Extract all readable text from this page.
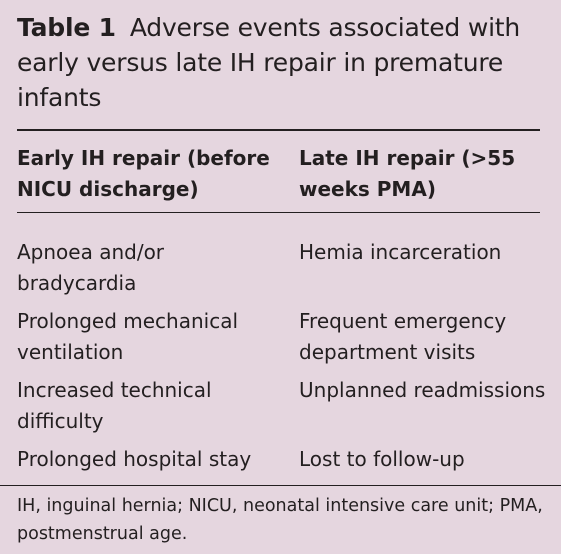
Table 1 Adverse events associated with early versus late IH repair in premature infants

Early IH repair (before NICU discharge)

Late IH repair (>55 weeks PMA)

Apnoea and/or bradycardia

Hemia incarceration

Prolonged mechanical ventilation

Frequent emergency department visits

Increased technical difficulty

Unplanned readmissions

Prolonged hospital stay	Lost to follow-up

IH, inguinal hernia; NICU, neonatal intensive care unit; PMA, postmenstrual age.
